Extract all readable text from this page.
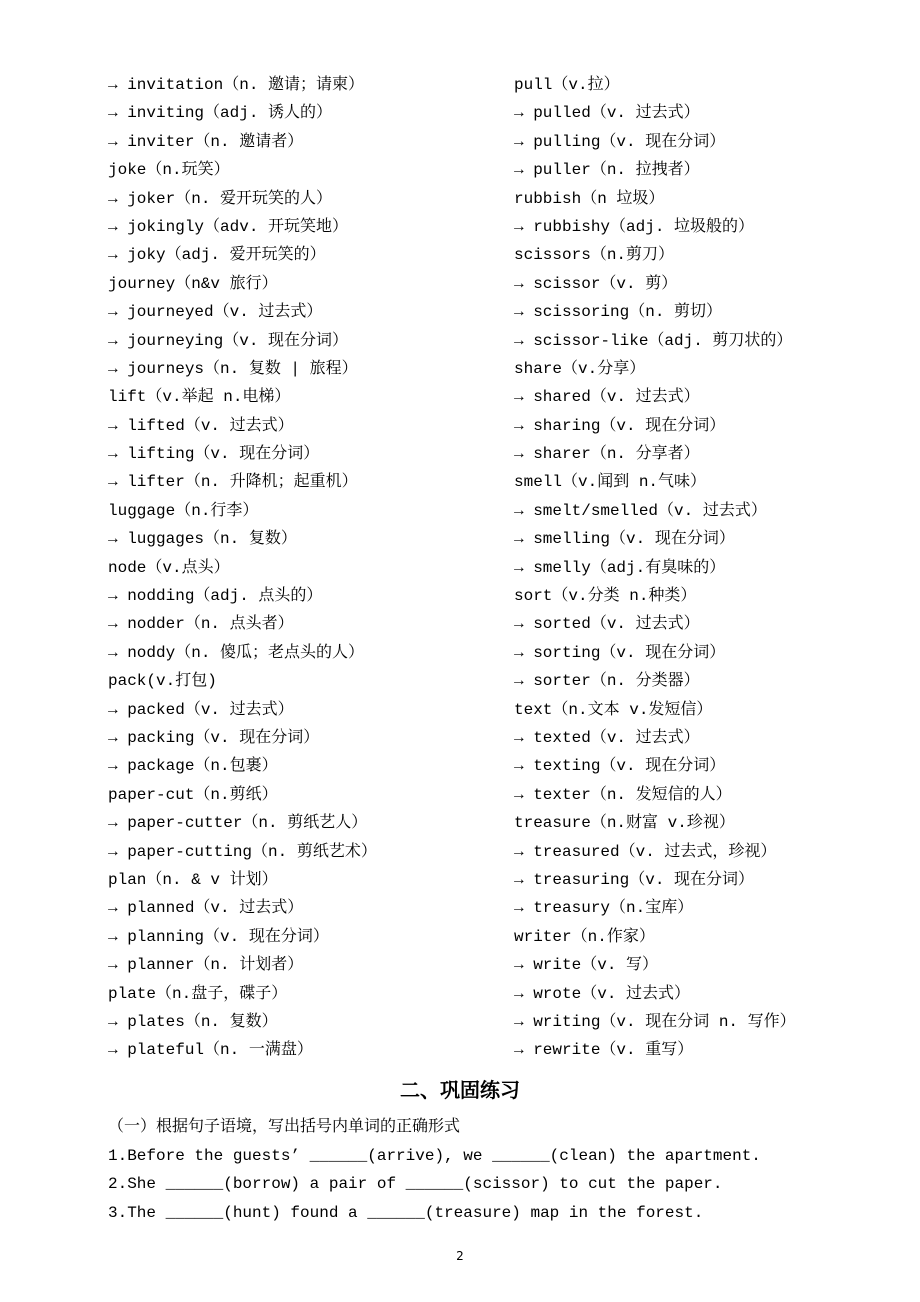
→ invitation（n. 邀请；请柬）
→ inviting（adj. 诱人的）
→ inviter（n. 邀请者）
joke（n.玩笑）
→ joker（n. 爱开玩笑的人）
→ jokingly（adv. 开玩笑地）
→ joky（adj. 爱开玩笑的）
journey（n&v 旅行）
→ journeyed（v. 过去式）
→ journeying（v. 现在分词）
→ journeys（n. 复数 | 旅程）
lift（v.举起 n.电梯）
→ lifted（v. 过去式）
→ lifting（v. 现在分词）
→ lifter（n. 升降机；起重机）
luggage（n.行李）
→ luggages（n. 复数）
node（v.点头）
→ nodding（adj. 点头的）
→ nodder（n. 点头者）
→ noddy（n. 傻瓜；老点头的人）
pack(v.打包)
→ packed（v. 过去式）
→ packing（v. 现在分词）
→ package（n.包裹）
paper-cut（n.剪纸）
→ paper-cutter（n. 剪纸艺人）
→ paper-cutting（n. 剪纸艺术）
plan（n. & v 计划）
→ planned（v. 过去式）
→ planning（v. 现在分词）
→ planner（n. 计划者）
plate（n.盘子，碟子）
→ plates（n. 复数）
→ plateful（n. 一满盘）
pull（v.拉）
→ pulled（v. 过去式）
→ pulling（v. 现在分词）
→ puller（n. 拉拽者）
rubbish（n 垃圾）
→ rubbishy（adj. 垃圾般的）
scissors（n.剪刀）
→ scissor（v. 剪）
→ scissoring（n. 剪切）
→ scissor-like（adj. 剪刀状的）
share（v.分享）
→ shared（v. 过去式）
→ sharing（v. 现在分词）
→ sharer（n. 分享者）
smell（v.闻到 n.气味）
→ smelt/smelled（v. 过去式）
→ smelling（v. 现在分词）
→ smelly（adj.有臭味的）
sort（v.分类 n.种类）
→ sorted（v. 过去式）
→ sorting（v. 现在分词）
→ sorter（n. 分类器）
text（n.文本 v.发短信）
→ texted（v. 过去式）
→ texting（v. 现在分词）
→ texter（n. 发短信的人）
treasure（n.财富 v.珍视）
→ treasured（v. 过去式，珍视）
→ treasuring（v. 现在分词）
→ treasury（n.宝库）
writer（n.作家）
→ write（v. 写）
→ wrote（v. 过去式）
→ writing（v. 现在分词 n. 写作）
→ rewrite（v. 重写）
二、巩固练习
（一）根据句子语境，写出括号内单词的正确形式
1.Before the guests’ ______(arrive), we ______(clean) the apartment.
2.She ______(borrow) a pair of ______(scissor) to cut the paper.
3.The ______(hunt) found a ______(treasure) map in the forest.
2
